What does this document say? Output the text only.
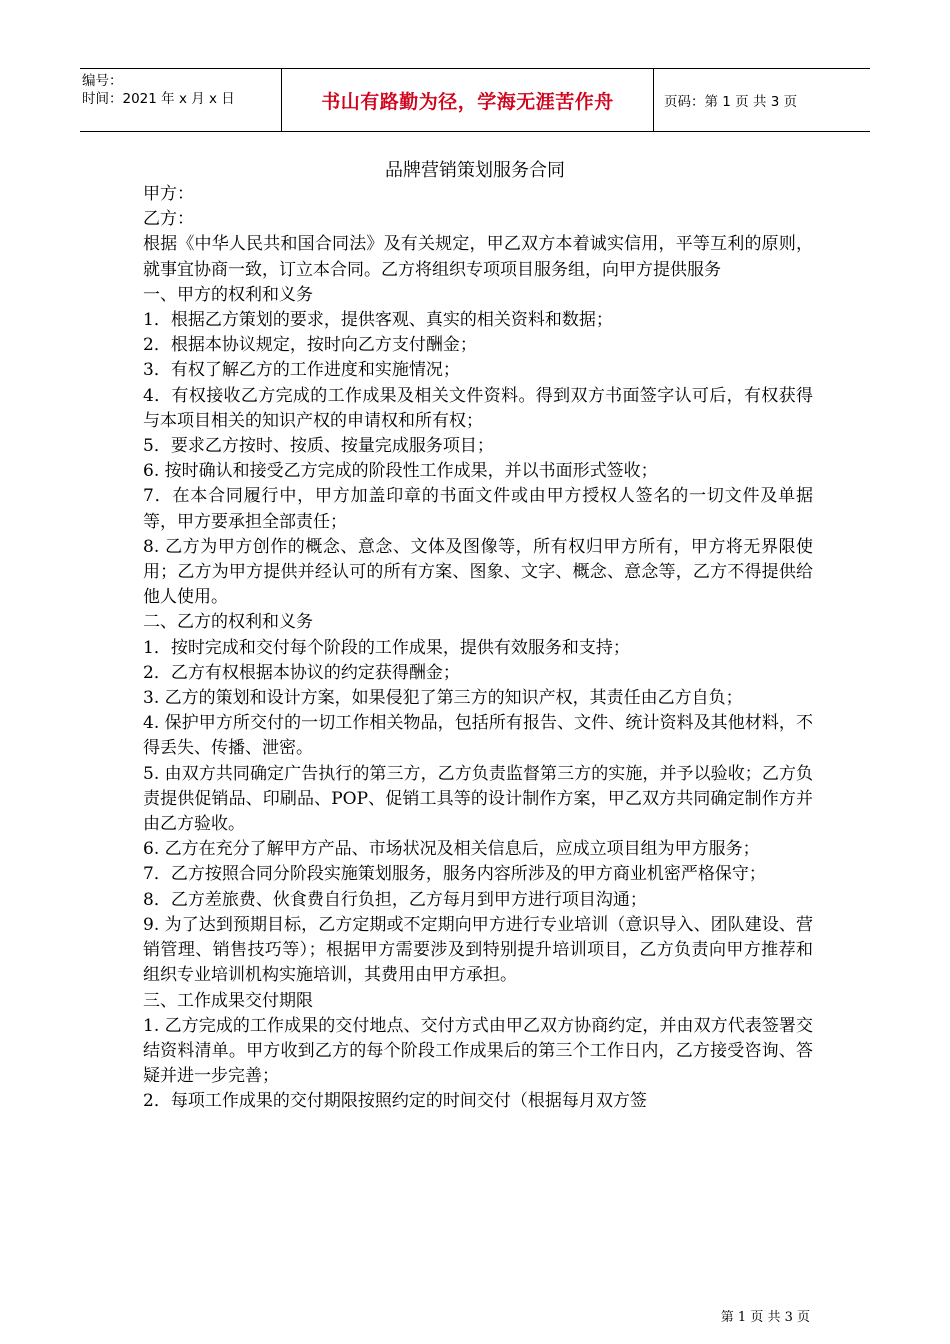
编号：
时间：2021 年 x 月 x 日	书山有路勤为径，学海无涯苦作舟	页码：第 1 页 共 3 页
品牌营销策划服务合同

甲方：

乙方：

根据《中华人民共和国合同法》及有关规定，甲乙双方本着诚实信用，平等互利的原则，就事宜协商一致，订立本合同。乙方将组织专项项目服务组，向甲方提供服务

一、甲方的权利和义务

1．根据乙方策划的要求，提供客观、真实的相关资料和数据；

2．根据本协议规定，按时向乙方支付酬金；

3．有权了解乙方的工作进度和实施情况；

4．有权接收乙方完成的工作成果及相关文件资料。得到双方书面签字认可后，有权获得与本项目相关的知识产权的申请权和所有权；

5．要求乙方按时、按质、按量完成服务项目；

6. 按时确认和接受乙方完成的阶段性工作成果，并以书面形式签收；

7．在本合同履行中，甲方加盖印章的书面文件或由甲方授权人签名的一切文件及单据等，甲方要承担全部责任；

8. 乙方为甲方创作的概念、意念、文体及图像等，所有权归甲方所有，甲方将无界限使用；乙方为甲方提供并经认可的所有方案、图象、文字、概念、意念等，乙方不得提供给他人使用。

二、乙方的权利和义务

1．按时完成和交付每个阶段的工作成果，提供有效服务和支持；

2．乙方有权根据本协议的约定获得酬金；

3. 乙方的策划和设计方案，如果侵犯了第三方的知识产权，其责任由乙方自负；

4. 保护甲方所交付的一切工作相关物品，包括所有报告、文件、统计资料及其他材料，不得丢失、传播、泄密。

5. 由双方共同确定广告执行的第三方，乙方负责监督第三方的实施，并予以验收；乙方负责提供促销品、印刷品、POP、促销工具等的设计制作方案，甲乙双方共同确定制作方并由乙方验收。

6. 乙方在充分了解甲方产品、市场状况及相关信息后，应成立项目组为甲方服务；

7．乙方按照合同分阶段实施策划服务，服务内容所涉及的甲方商业机密严格保守；

8．乙方差旅费、伙食费自行负担，乙方每月到甲方进行项目沟通；

9. 为了达到预期目标，乙方定期或不定期向甲方进行专业培训（意识导入、团队建设、营销管理、销售技巧等）；根据甲方需要涉及到特别提升培训项目，乙方负责向甲方推荐和组织专业培训机构实施培训，其费用由甲方承担。

三、工作成果交付期限

1. 乙方完成的工作成果的交付地点、交付方式由甲乙双方协商约定，并由双方代表签署交结资料清单。甲方收到乙方的每个阶段工作成果后的第三个工作日内，乙方接受咨询、答疑并进一步完善；

2．每项工作成果的交付期限按照约定的时间交付（根据每月双方签

第 1 页 共 3 页
